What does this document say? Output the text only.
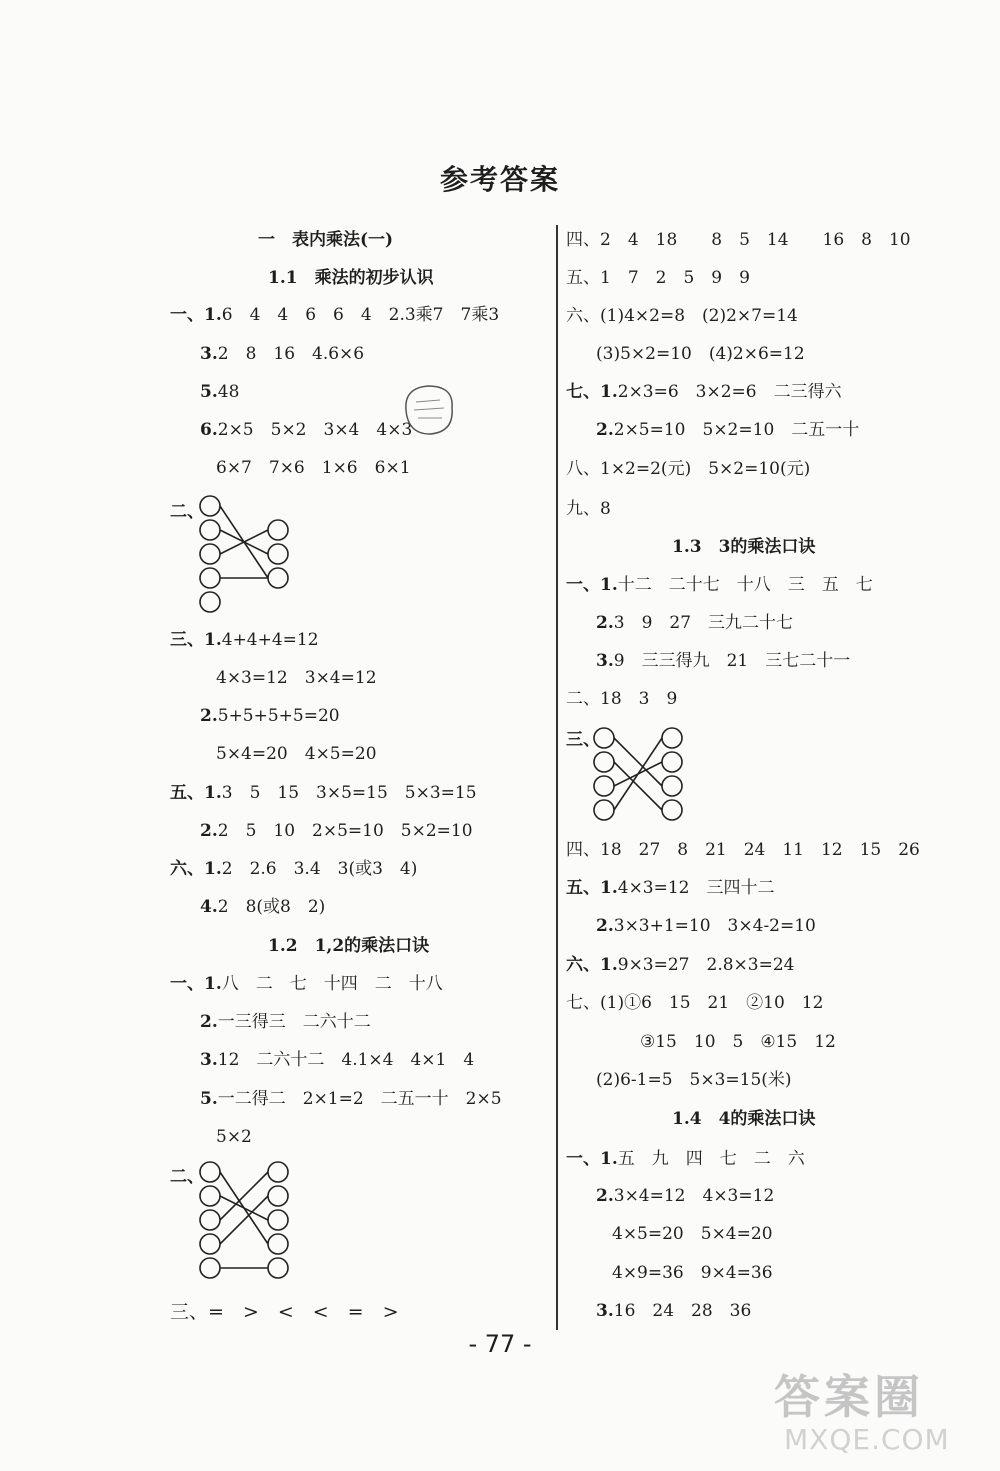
参考答案
一　表内乘法(一)
1.1　乘法的初步认识
一、1.6　4　4　6　6　4　2.3乘7　7乘3
3.2　8　16　4.6×6
5.48
6.2×5　5×2　3×4　4×3
6×7　7×6　1×6　6×1
二、
三、1.4+4+4=12
4×3=12　3×4=12
2.5+5+5+5=20
5×4=20　4×5=20
五、1.3　5　15　3×5=15　5×3=15
2.2　5　10　2×5=10　5×2=10
六、1.2　2.6　3.4　3(或3　4)
4.2　8(或8　2)
1.2　1,2的乘法口诀
一、1.八　二　七　十四　二　十八
2.一三得三　二六十二
3.12　二六十二　4.1×4　4×1　4
5.一二得二　2×1=2　二五一十　2×5
5×2
二、
三、=　>　<　<　=　>
四、2　4　18　　8　5　14　　16　8　10
五、1　7　2　5　9　9
六、(1)4×2=8　(2)2×7=14
(3)5×2=10　(4)2×6=12
七、1.2×3=6　3×2=6　二三得六
2.2×5=10　5×2=10　二五一十
八、1×2=2(元)　5×2=10(元)
九、8
1.3　3的乘法口诀
一、1.十二　二十七　十八　三　五　七
2.3　9　27　三九二十七
3.9　三三得九　21　三七二十一
二、18　3　9
三、
四、18　27　8　21　24　11　12　15　26
五、1.4×3=12　三四十二
2.3×3+1=10　3×4-2=10
六、1.9×3=27　2.8×3=24
七、(1)①6　15　21　②10　12
③15　10　5　④15　12
(2)6-1=5　5×3=15(米)
1.4　4的乘法口诀
一、1.五　九　四　七　二　六
2.3×4=12　4×3=12
4×5=20　5×4=20
4×9=36　9×4=36
3.16　24　28　36
- 77 -
答案圈
MXQE.COM
